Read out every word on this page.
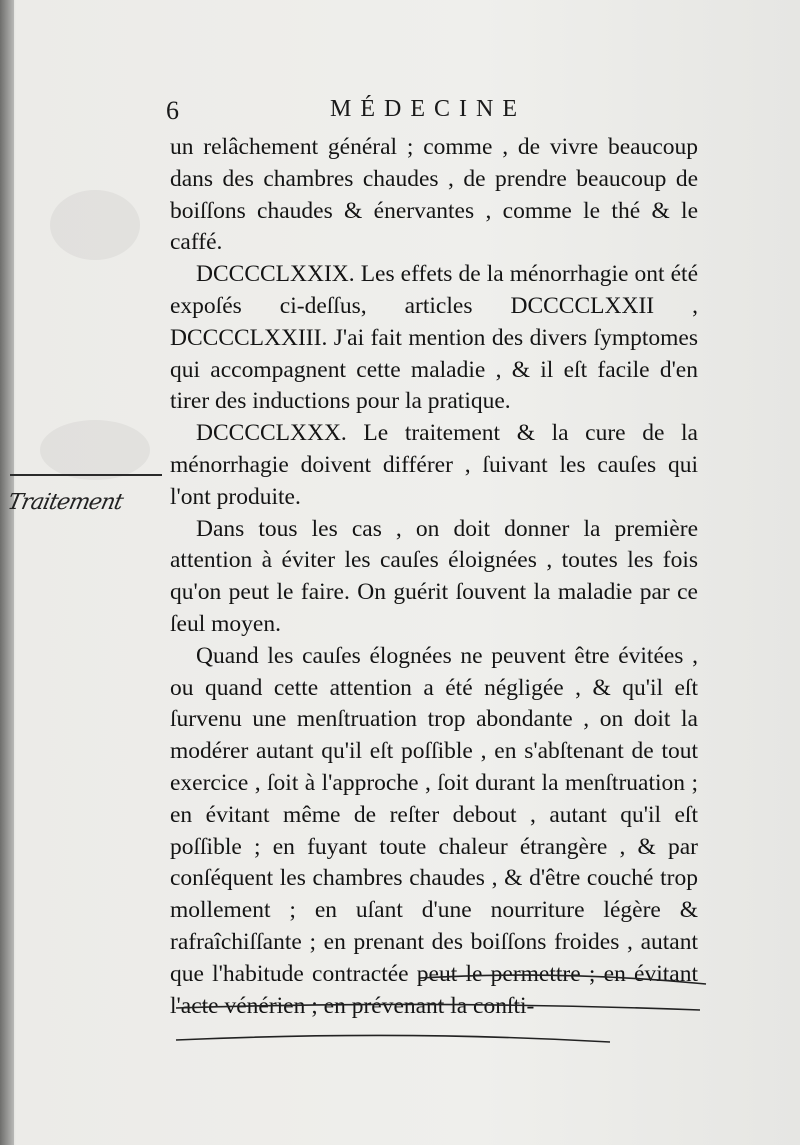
6	MÉDECINE

un relâchement général ; comme , de vivre beaucoup dans des chambres chaudes , de prendre beaucoup de boiſſons chaudes & énervantes , comme le thé & le caffé.

DCCCCLXXIX. Les effets de la ménorrhagie ont été expoſés ci-deſſus, articles DCCCCLXXII , DCCCCLXXIII. J'ai fait mention des divers ſymptomes qui accompagnent cette maladie , & il eſt facile d'en tirer des inductions pour la pratique.

DCCCCLXXX. Le traitement & la cure de la ménorrhagie doivent différer , ſuivant les cauſes qui l'ont produite.

Dans tous les cas , on doit donner la première attention à éviter les cauſes éloignées , toutes les fois qu'on peut le faire. On guérit ſouvent la maladie par ce ſeul moyen.

Quand les cauſes élognées ne peuvent être évitées , ou quand cette attention a été négligée , & qu'il eſt ſurvenu une menſtruation trop abondante , on doit la modérer autant qu'il eſt poſſible , en s'abſtenant de tout exercice , ſoit à l'approche , ſoit durant la menſtruation ; en évitant même de reſter debout , autant qu'il eſt poſſible ; en fuyant toute chaleur étrangère , & par conſéquent les chambres chaudes , & d'être couché trop mollement ; en uſant d'une nourriture légère & rafraîchiſſante ; en prenant des boiſſons froides , autant que l'habitude contractée peut le permettre ; en évitant l'acte vénérien ; en prévenant la conſti-

Traitement
